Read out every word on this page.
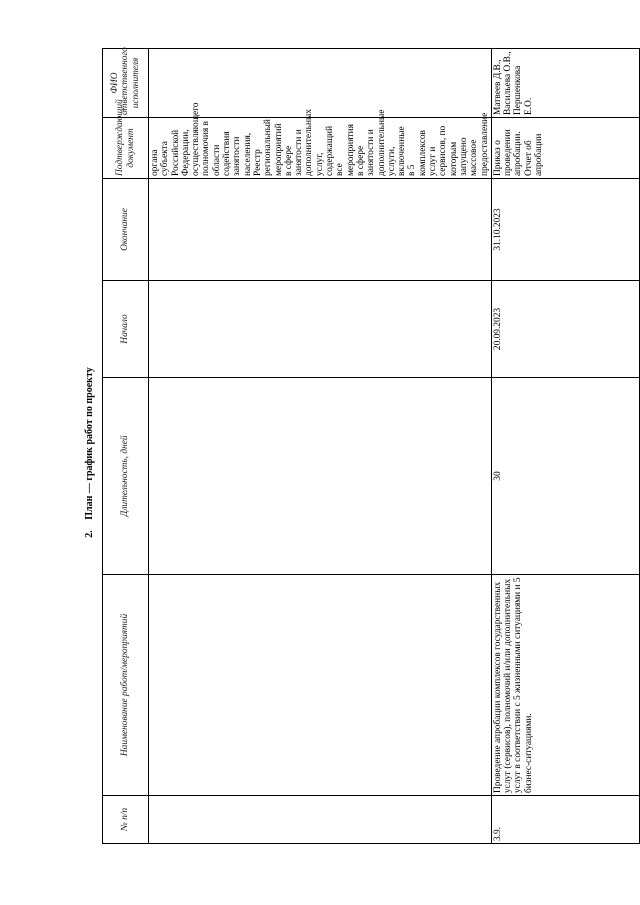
2. План — график работ по проекту
№ п/п	Наименование работ/мероприятий	Длительность, дней	Начало	Окончание	Подтверждающий документ	ФИО ответственного исполнителя
					органа субъекта Российской Федерации, осуществляющего полномочия в области содействия занятости населения, Реестр региональный мероприятий в сфере занятости и дополнительных услуг, содержащий все мероприятия в сфере занятости и дополнительные услуги, включенные в 5 комплексов услуг и сервисов, по которым запущено массовое предоставление	
3.9.	Проведение апробации комплексов государственных услуг (сервисов), полномочий и/или дополнительных услуг в соответствии с 5 жизненными ситуациями и 5 бизнес-ситуациями.	30	20.09.2023	31.10.2023	Приказ о проведении апробации. Отчет об апробации	Матвеев Д.В., Васильева О.В., Першенкова Е.О.
